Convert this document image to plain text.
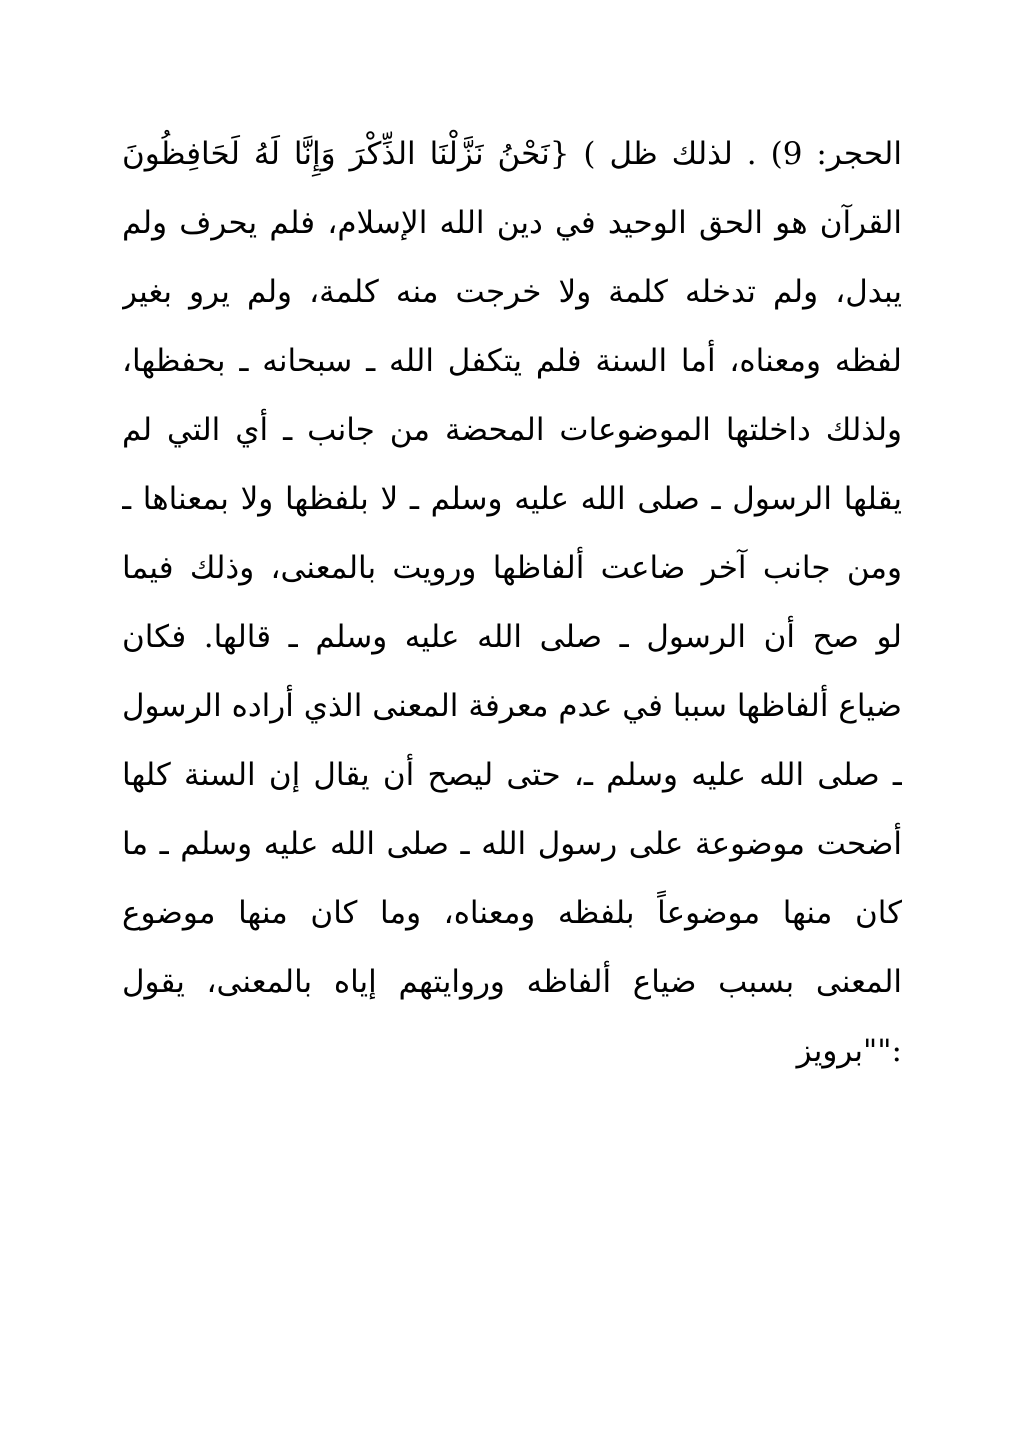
الحجر: 9) . لذلك ظل ) {نَحْنُ نَزَّلْنَا الذِّكْرَ وَإِنَّا لَهُ لَحَافِظُونَ
القرآن هو الحق الوحيد في دين الله الإسلام، فلم يحرف ولم
يبدل، ولم تدخله كلمة ولا خرجت منه كلمة، ولم يرو بغير
لفظه ومعناه، أما السنة فلم يتكفل الله ـ سبحانه ـ بحفظها،
ولذلك داخلتها الموضوعات المحضة من جانب ـ أي التي لم
يقلها الرسول ـ صلى الله عليه وسلم ـ لا بلفظها ولا بمعناها ـ
ومن جانب آخر ضاعت ألفاظها ورويت بالمعنى، وذلك فيما
لو صح أن الرسول ـ صلى الله عليه وسلم ـ قالها. فكان
ضياع ألفاظها سببا في عدم معرفة المعنى الذي أراده الرسول
ـ صلى الله عليه وسلم ـ، حتى ليصح أن يقال إن السنة كلها
أضحت موضوعة على رسول الله ـ صلى الله عليه وسلم ـ ما
كان منها موضوعاً بلفظه ومعناه، وما كان منها موضوع
المعنى بسبب ضياع ألفاظه وروايتهم إياه بالمعنى، يقول
:""برويز
